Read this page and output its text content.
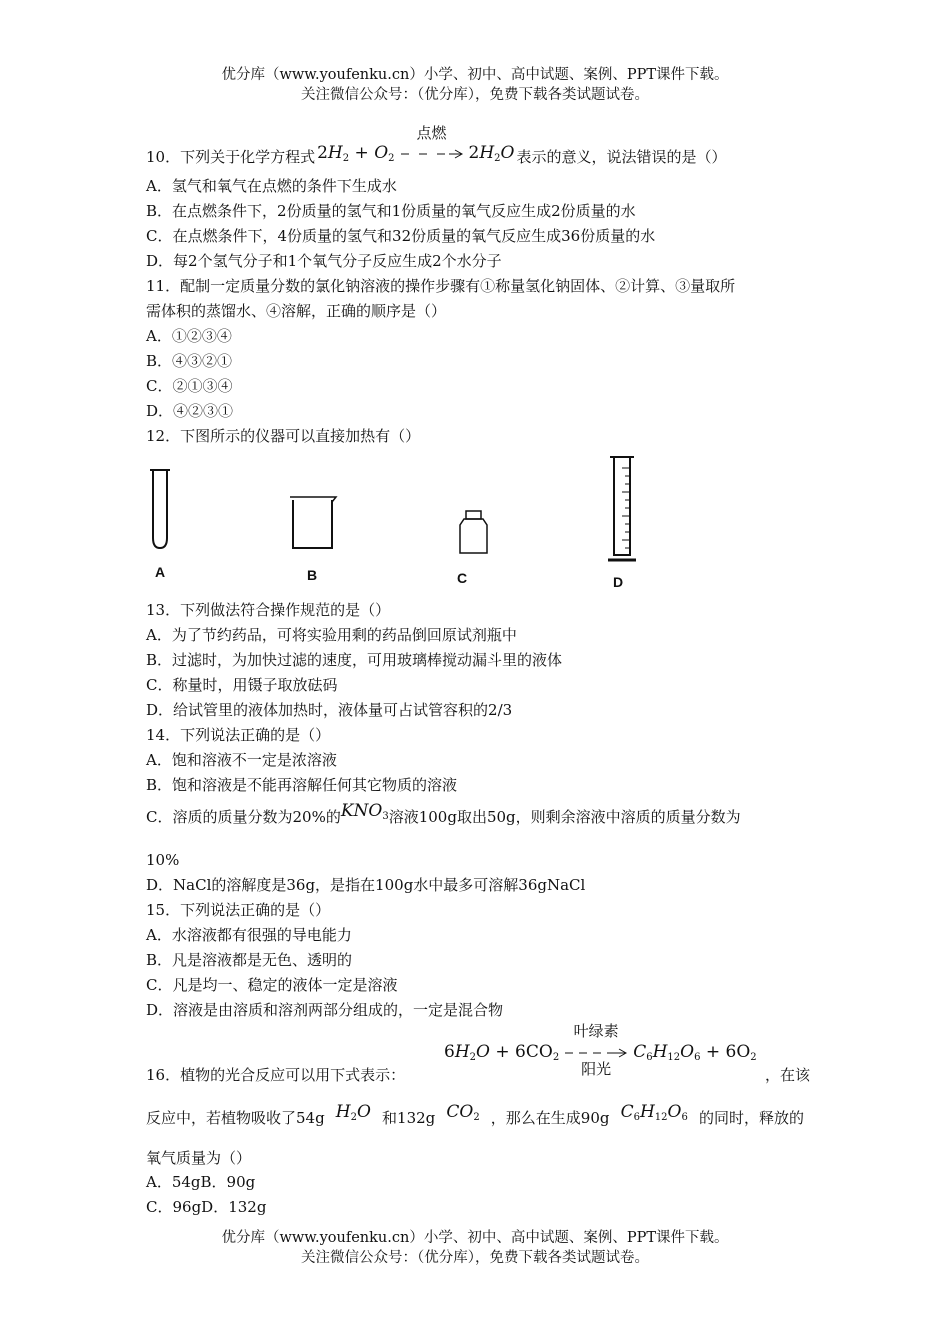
优分库（www.youfenku.cn）小学、初中、高中试题、案例、PPT课件下载。
关注微信公众号：（优分库），免费下载各类试题试卷。
10．下列关于化学方程式 $2H_2 + O_2$
点燃
$2H_2O$ 表示的意义，说法错误的是（）
A．氢气和氧气在点燃的条件下生成水
B．在点燃条件下，2份质量的氢气和1份质量的氧气反应生成2份质量的水
C．在点燃条件下，4份质量的氢气和32份质量的氧气反应生成36份质量的水
D．每2个氢气分子和1个氧气分子反应生成2个水分子
11．配制一定质量分数的氯化钠溶液的操作步骤有①称量氢化钠固体、②计算、③量取所
需体积的蒸馏水、④溶解，正确的顺序是（）
A．①②③④
B．④③②①
C．②①③④
D．④②③①
12．下图所示的仪器可以直接加热有（）
A	B	C	D
13．下列做法符合操作规范的是（）
A．为了节约药品，可将实验用剩的药品倒回原试剂瓶中
B．过滤时，为加快过滤的速度，可用玻璃棒搅动漏斗里的液体
C．称量时，用镊子取放砝码
D．给试管里的液体加热时，液体量可占试管容积的2/3
14．下列说法正确的是（）
A．饱和溶液不一定是浓溶液
B．饱和溶液是不能再溶解任何其它物质的溶液
C．溶质的质量分数为20%的$KNO_3$溶液100g取出50g，则剩余溶液中溶质的质量分数为
10%
D．NaCl的溶解度是36g，是指在100g水中最多可溶解36gNaCl
15．下列说法正确的是（）
A．水溶液都有很强的导电能力
B．凡是溶液都是无色、透明的
C．凡是均一、稳定的液体一定是溶液
D．溶液是由溶质和溶剂两部分组成的，一定是混合物
16．植物的光合反应可以用下式表示：
$6H_2O + 6CO_2$
叶绿素
阳光
$C_6H_{12}O_6 + 6O_2$
，在该
反应中，若植物吸收了54g $H_2O$ 和132g $CO_2$ ，那么在生成90g $C_6H_{12}O_6$ 的同时，释放的
氧气质量为（）
A．54gB．90g
C．96gD．132g
优分库（www.youfenku.cn）小学、初中、高中试题、案例、PPT课件下载。
关注微信公众号：（优分库），免费下载各类试题试卷。
